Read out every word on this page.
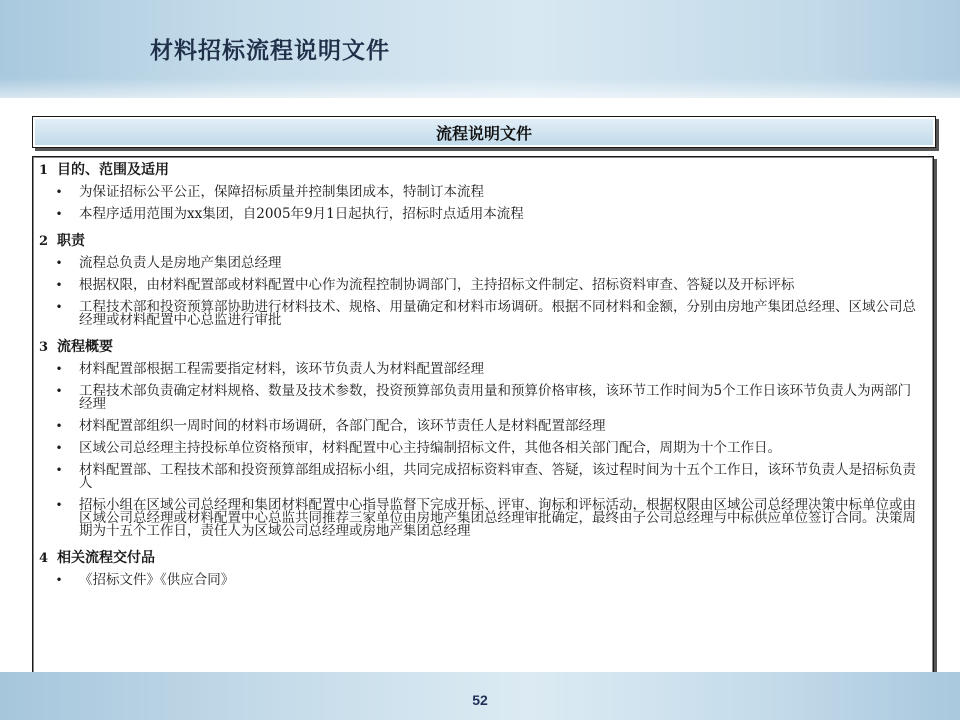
材料招标流程说明文件
流程说明文件
1 目的、范围及适用
•	为保证招标公平公正，保障招标质量并控制集团成本，特制订本流程
•	本程序适用范围为xx集团，自2005年9月1日起执行，招标时点适用本流程
2 职责
•	流程总负责人是房地产集团总经理
•	根据权限，由材料配置部或材料配置中心作为流程控制协调部门，主持招标文件制定、招标资料审查、答疑以及开标评标
•	工程技术部和投资预算部协助进行材料技术、规格、用量确定和材料市场调研。根据不同材料和金额，分别由房地产集团总经理、区域公司总经理或材料配置中心总监进行审批
3 流程概要
•	材料配置部根据工程需要指定材料，该环节负责人为材料配置部经理
•	工程技术部负责确定材料规格、数量及技术参数，投资预算部负责用量和预算价格审核，该环节工作时间为5个工作日该环节负责人为两部门经理
•	材料配置部组织一周时间的材料市场调研，各部门配合，该环节责任人是材料配置部经理
•	区域公司总经理主持投标单位资格预审，材料配置中心主持编制招标文件，其他各相关部门配合，周期为十个工作日。
•	材料配置部、工程技术部和投资预算部组成招标小组，共同完成招标资料审查、答疑，该过程时间为十五个工作日，该环节负责人是招标负责人
•	招标小组在区域公司总经理和集团材料配置中心指导监督下完成开标、评审、询标和评标活动，根据权限由区域公司总经理决策中标单位或由区域公司总经理或材料配置中心总监共同推荐三家单位由房地产集团总经理审批确定，最终由子公司总经理与中标供应单位签订合同。决策周期为十五个工作日，责任人为区域公司总经理或房地产集团总经理
4 相关流程交付品
•	《招标文件》《供应合同》
52
